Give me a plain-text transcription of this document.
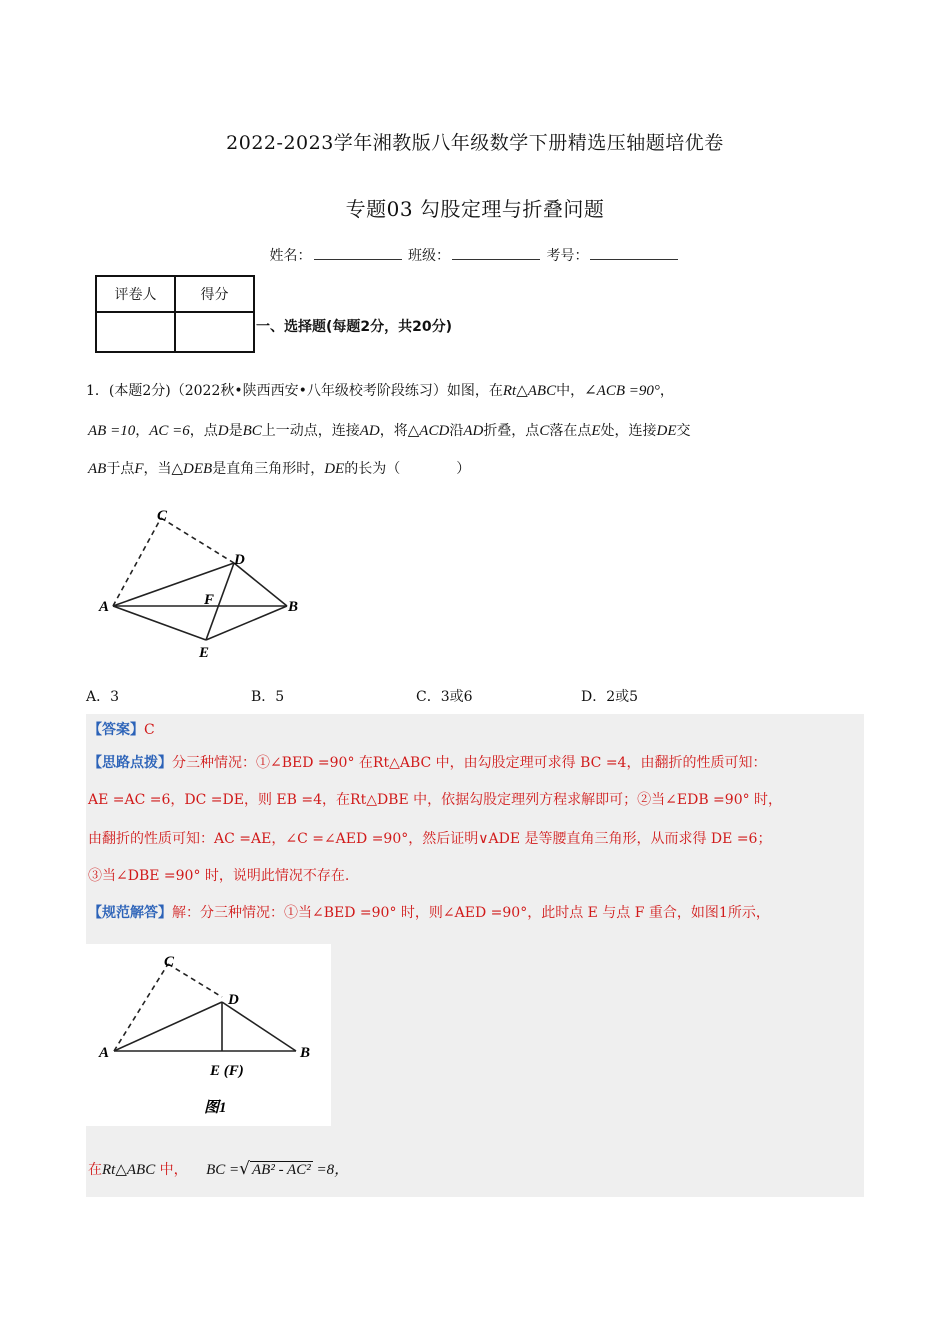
2022-2023学年湘教版八年级数学下册精选压轴题培优卷
专题03 勾股定理与折叠问题
姓名：	班级：	考号：
评卷人	得分

一、选择题(每题2分，共20分)
1．(本题2分)（2022秋•陕西西安•八年级校考阶段练习）如图，在Rt△ABC中，∠ACB =90°，
AB =10，AC =6，点D是BC上一动点，连接AD，将△ACD沿AD折叠，点C落在点E处，连接DE交
AB于点F，当△DEB是直角三角形时，DE的长为（　　　　）
C
D
A	F	B
E
A．3	B．5	C．3或6	D．2或5
【答案】C
【思路点拨】分三种情况：①∠BED =90° 在Rt△ABC 中，由勾股定理可求得 BC =4，由翻折的性质可知：
AE =AC =6，DC =DE，则 EB =4，在Rt△DBE 中，依据勾股定理列方程求解即可；②当∠EDB =90° 时，
由翻折的性质可知：AC =AE，∠C =∠AED =90°，然后证明∨ADE 是等腰直角三角形，从而求得 DE =6；
③当∠DBE =90° 时，说明此情况不存在.
【规范解答】解：分三种情况：①当∠BED =90° 时，则∠AED =90°，此时点 E 与点 F 重合，如图1所示，
C
D
A
E (F)
B
图1
在Rt△ABC 中， BC =√ AB² - AC² =8，
